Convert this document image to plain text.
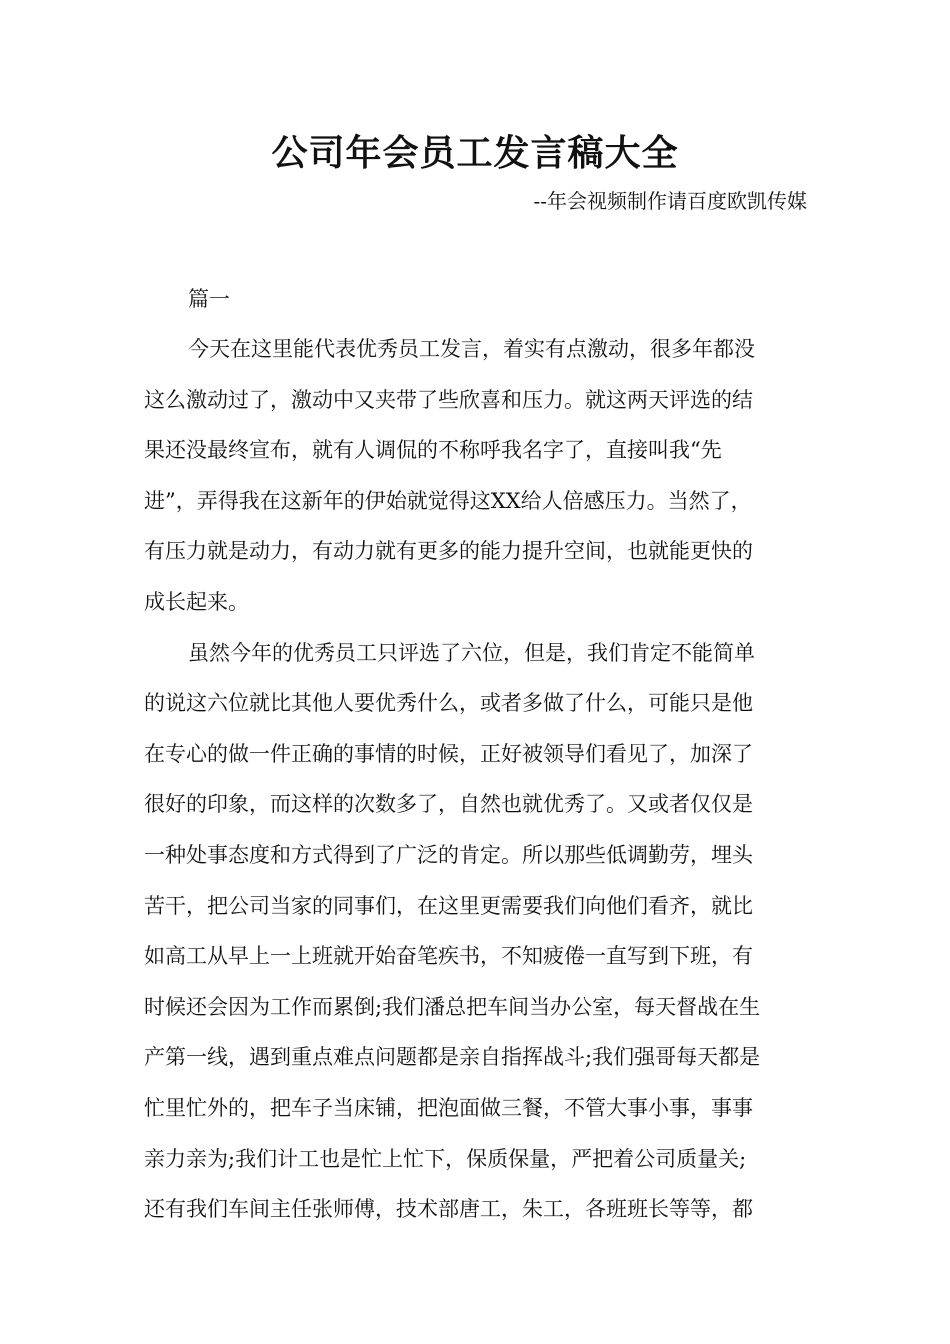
公司年会员工发言稿大全
--年会视频制作请百度欧凯传媒
篇一
今天在这里能代表优秀员工发言，着实有点激动，很多年都没
这么激动过了，激动中又夹带了些欣喜和压力。就这两天评选的结
果还没最终宣布，就有人调侃的不称呼我名字了，直接叫我“先
进”，弄得我在这新年的伊始就觉得这XX给人倍感压力。当然了，
有压力就是动力，有动力就有更多的能力提升空间，也就能更快的
成长起来。
虽然今年的优秀员工只评选了六位，但是，我们肯定不能简单
的说这六位就比其他人要优秀什么，或者多做了什么，可能只是他
在专心的做一件正确的事情的时候，正好被领导们看见了，加深了
很好的印象，而这样的次数多了，自然也就优秀了。又或者仅仅是
一种处事态度和方式得到了广泛的肯定。所以那些低调勤劳，埋头
苦干，把公司当家的同事们，在这里更需要我们向他们看齐，就比
如高工从早上一上班就开始奋笔疾书，不知疲倦一直写到下班，有
时候还会因为工作而累倒;我们潘总把车间当办公室，每天督战在生
产第一线，遇到重点难点问题都是亲自指挥战斗;我们强哥每天都是
忙里忙外的，把车子当床铺，把泡面做三餐，不管大事小事，事事
亲力亲为;我们计工也是忙上忙下，保质保量，严把着公司质量关;
还有我们车间主任张师傅，技术部唐工，朱工，各班班长等等，都
